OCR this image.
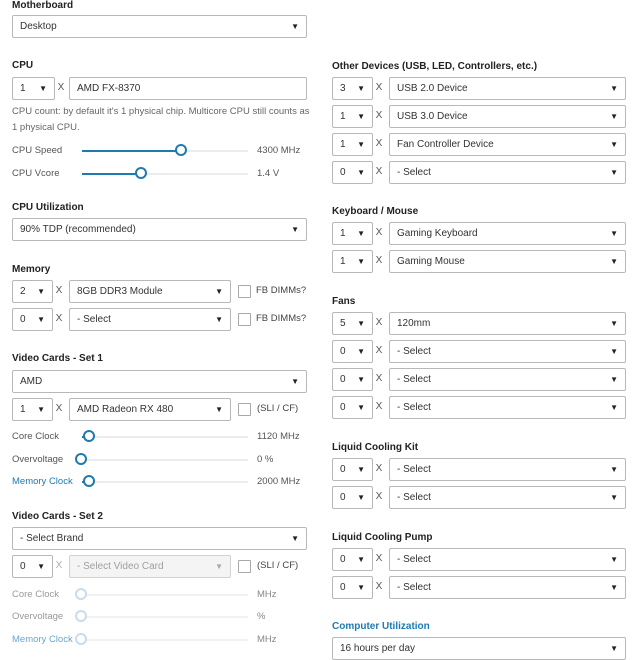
Motherboard
Desktop	▼
CPU
1	▼ X	AMD FX-8370
CPU count: by default it's 1 physical chip. Multicore CPU still counts as 1 physical CPU.
CPU Speed	4300 MHz
CPU Vcore	1.4 V
CPU Utilization
90% TDP (recommended)	▼
Memory
2	▼ X 8GB DDR3 Module	▼	FB DIMMs?
0	▼ X - Select	▼	FB DIMMs?
Video Cards - Set 1
AMD	▼
1	▼ X AMD Radeon RX 480	▼	(SLI / CF)
Core Clock	1120 MHz
Overvoltage	0 %
Memory Clock	2000 MHz
Video Cards - Set 2
- Select Brand	▼
0	▼ X - Select Video Card	▼	(SLI / CF)
Core Clock	MHz
Overvoltage	%
Memory Clock	MHz
Other Devices (USB, LED, Controllers, etc.)
3	▼ X USB 2.0 Device	▼
1	▼ X USB 3.0 Device	▼
1	▼ X Fan Controller Device	▼
0	▼ X - Select	▼
Keyboard / Mouse
1	▼ X Gaming Keyboard	▼
1	▼ X Gaming Mouse	▼
Fans
5	▼ X 120mm	▼
0	▼ X - Select	▼
0	▼ X - Select	▼
0	▼ X - Select	▼
Liquid Cooling Kit
0	▼ X - Select	▼
0	▼ X - Select	▼
Liquid Cooling Pump
0	▼ X - Select	▼
0	▼ X - Select	▼
Computer Utilization
16 hours per day	▼
